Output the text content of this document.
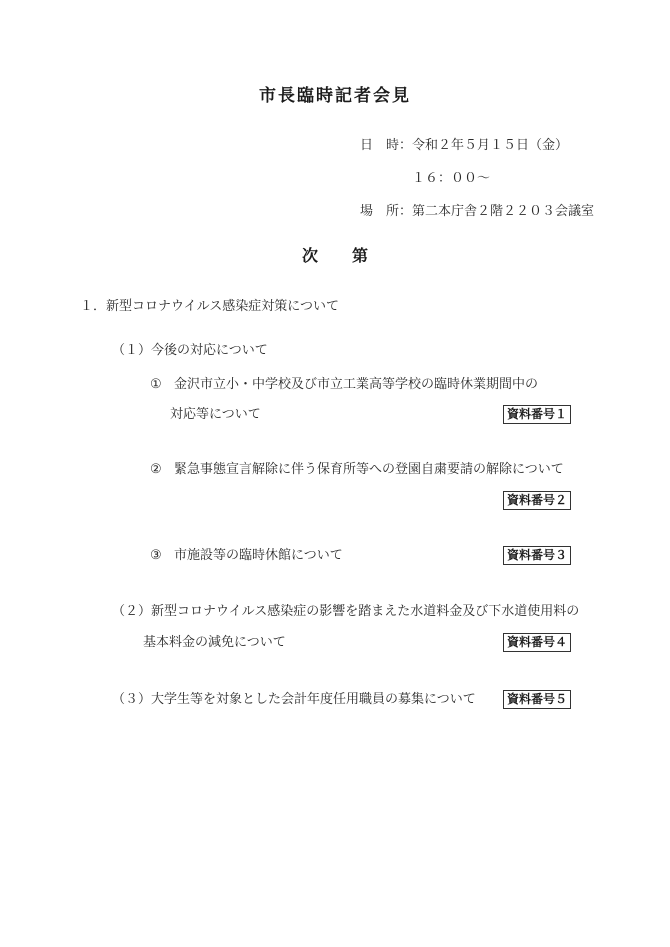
市長臨時記者会見
日　時：令和２年５月１５日（金）
１６：００～
場　所：第二本庁舎２階２２０３会議室
次 第
１．新型コロナウイルス感染症対策について
（１）今後の対応について
① 金沢市立小・中学校及び市立工業高等学校の臨時休業期間中の
対応等について	資料番号１
② 緊急事態宣言解除に伴う保育所等への登園自粛要請の解除について
資料番号２
③ 市施設等の臨時休館について	資料番号３
（２）新型コロナウイルス感染症の影響を踏まえた水道料金及び下水道使用料の
基本料金の減免について	資料番号４
（３）大学生等を対象とした会計年度任用職員の募集について	資料番号５
